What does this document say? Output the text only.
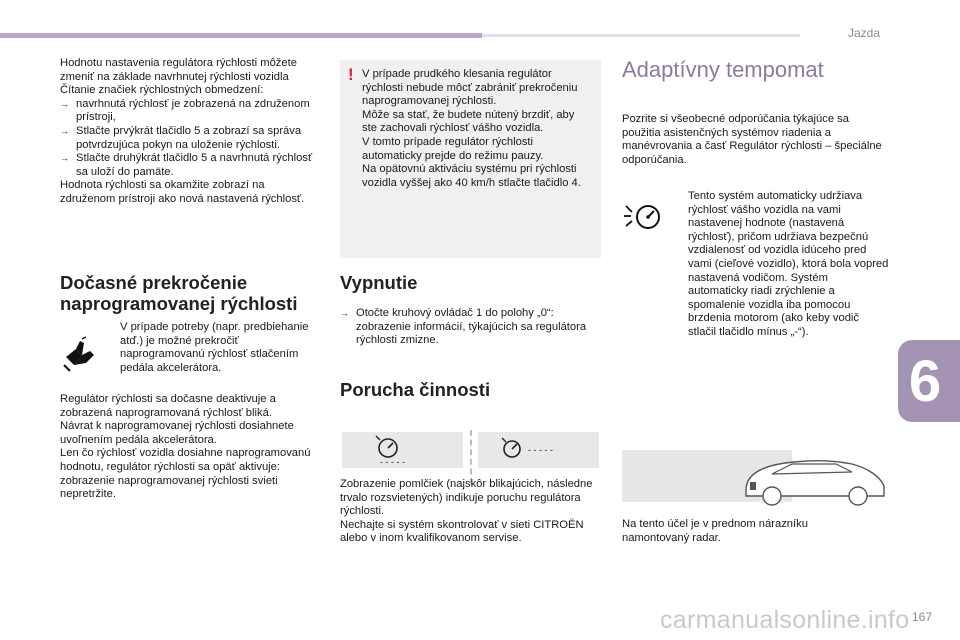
Jazda
6

Hodnotu nastavenia regulátora rýchlosti môžete zmeniť na základe navrhnutej rýchlosti vozidla Čítanie značiek rýchlostných obmedzení:

→ navrhnutá rýchlosť je zobrazená na združenom prístroji,
→ Stlačte prvýkrát tlačidlo 5 a zobrazí sa správa potvrdzujúca pokyn na uloženie rýchlosti.
→ Stlačte druhýkrát tlačidlo 5 a navrhnutá rýchlosť sa uloží do pamäte.

Hodnota rýchlosti sa okamžite zobrazí na združenom prístroji ako nová nastavená rýchlosť.

Dočasné prekročenie naprogramovanej rýchlosti

V prípade potreby (napr. predbiehanie atď.) je možné prekročiť naprogramovanú rýchlosť stlačením pedála akcelerátora.

Regulátor rýchlosti sa dočasne deaktivuje a zobrazená naprogramovaná rýchlosť bliká.

Návrat k naprogramovanej rýchlosti dosiahnete uvoľnením pedála akcelerátora.

Len čo rýchlosť vozidla dosiahne naprogramovanú hodnotu, regulátor rýchlosti sa opäť aktivuje: zobrazenie naprogramovanej rýchlosti svieti nepretržite.

! V prípade prudkého klesania regulátor rýchlosti nebude môcť zabrániť prekročeniu naprogramovanej rýchlosti.

Môže sa stať, že budete nútený brzdiť, aby ste zachovali rýchlosť vášho vozidla.

V tomto prípade regulátor rýchlosti automaticky prejde do režimu pauzy.

Na opätovnú aktiváciu systému pri rýchlosti vozidla vyššej ako 40 km/h stlačte tlačidlo 4.

Vypnutie
→ Otočte kruhový ovládač 1 do polohy „0“: zobrazenie informácií, týkajúcich sa regulátora rýchlosti zmizne.
Porucha činnosti
- - - - -
- - - - -

Zobrazenie pomlčiek (najskôr blikajúcich, následne trvalo rozsvietených) indikuje poruchu regulátora rýchlosti.

Nechajte si systém skontrolovať v sieti CITROËN alebo v inom kvalifikovanom servise.

Adaptívny tempomat

Pozrite si všeobecné odporúčania týkajúce sa použitia asistenčných systémov riadenia a manévrovania a časť Regulátor rýchlosti – špeciálne odporúčania.

Tento systém automaticky udržiava rýchlosť vášho vozidla na vami nastavenej hodnote (nastavená rýchlosť), pričom udržiava bezpečnú vzdialenosť od vozidla idúceho pred vami (cieľové vozidlo), ktorá bola vopred nastavená vodičom. Systém automaticky riadi zrýchlenie a spomalenie vozidla iba pomocou brzdenia motorom (ako keby vodič stlačil tlačidlo mínus „-“).

Na tento účel je v prednom nárazníku namontovaný radar.

carmanualsonline.info 167
